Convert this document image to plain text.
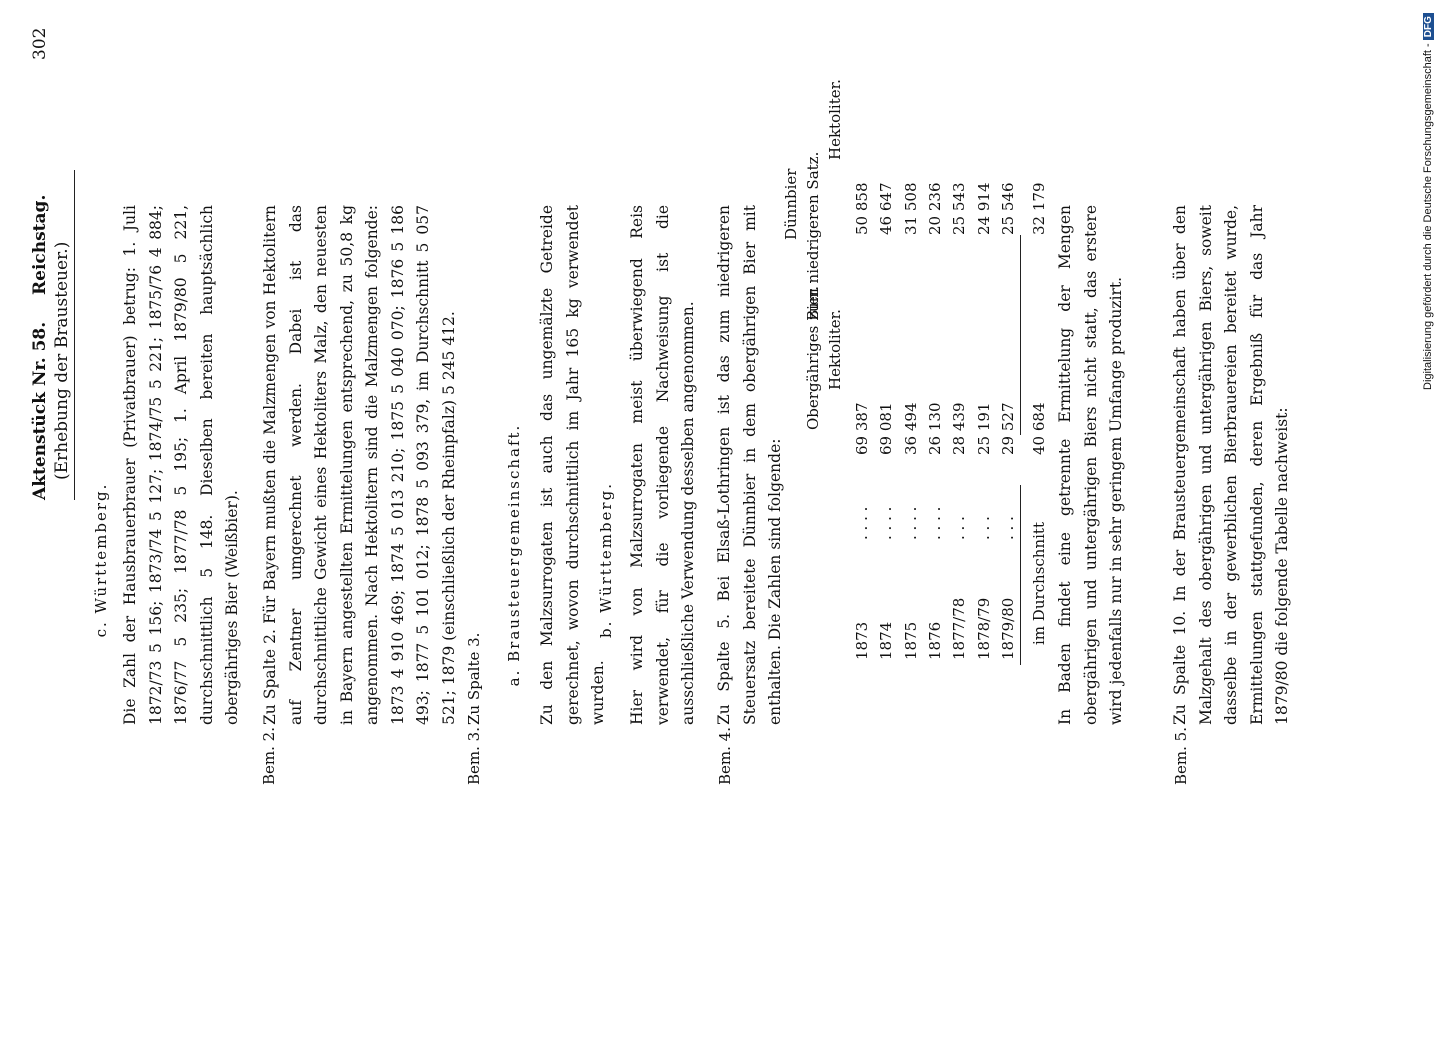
302
Reichstag.
Aktenstück Nr. 58. (Erhebung der Brausteuer.)
c. Württemberg. Die Zahl der Hausbrauerbrauer (Privatbrauer) betrug: 1. Juli 1872/73 5 156; 1873/74 5 127; 1874/75 5 221; 1875/76 4 884; 1876/77 5 235; 1877/78 5 195; 1. April 1879/80 5 221, durchschnittlich 5 148. Dieselben bereiten hauptsächlich obergähriges Bier (Weißbier).

Bem. 2.

Zu Spalte 2. Für Bayern mußten die Malzmengen von Hektolitern auf Zentner umgerechnet werden. Dabei ist das durchschnittliche Gewicht eines Hektoliters Malz, den neuesten in Bayern angestellten Ermittelungen entsprechend, zu 50,8 kg angenommen. Nach Hektolitern sind die Malzmengen folgende: 1873 4 910 469; 1874 5 013 210; 1875 5 040 070; 1876 5 186 493; 1877 5 101 012; 1878 5 093 379, im Durchschnitt 5 057 521; 1879 (einschließlich der Rheinpfalz) 5 245 412.

Bem. 3.
Zu Spalte 3. a. Brausteuergemeinschaft. Zu den Malzsurrogaten ist auch das ungemälzte Getreide gerechnet, wovon durchschnittlich im Jahr 165 kg verwendet wurden.

b. Württemberg. Hier wird von Malzsurrogaten meist überwiegend Reis verwendet, für die vorliegende Nachweisung ist die ausschließliche Verwendung desselben angenommen.

Bem. 4.

Zu Spalte 5. Bei Elsaß-Lothringen ist das zum niedrigeren Steuersatz bereitete Dünnbier in dem obergährigen Bier mit enthalten. Die Zahlen sind folgende:

Dünnbier
Obergähriges Bier.
zum niedrigeren Satz.
Hektoliter.
Hektoliter.
1873
. . . .
69 387
50 858
1874
. . . .
69 081
46 647
1875
. . . .
36 494
31 508
1876
. . . .
26 130
20 236
1877/78
. . .
28 439
25 543
1878/79
. . .
25 191
24 914
1879/80
. . .
29 527
25 546
im Durchschnitt
40 684
32 179 In Baden findet eine getrennte Ermittelung der Mengen obergährigen und untergährigen Biers nicht statt, das erstere wird jedenfalls nur in sehr geringem Umfange produzirt.

Bem. 5.

Zu Spalte 10. In der Brausteuergemeinschaft haben über den Malzgehalt des obergährigen und untergährigen Biers, soweit dasselbe in der gewerblichen Bierbrauereien bereitet wurde, Ermittelungen stattgefunden, deren Ergebniß für das Jahr 1879/80 die folgende Tabelle nachweist:

Digitalisierung gefördert durch die Deutsche Forschungsgemeinschaft - DFG
